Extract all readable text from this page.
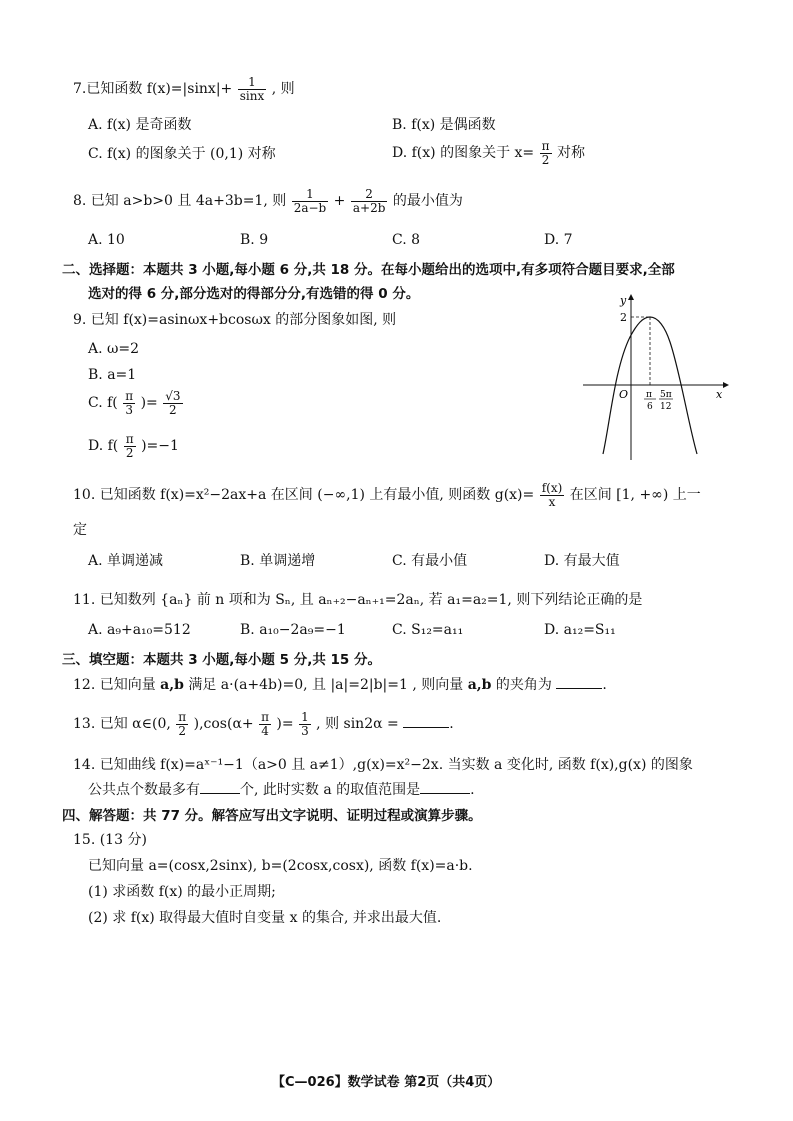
7.已知函数 $f(x)=|\sin x|+ \frac{1}{\sin x}$ , 则
A. f(x) 是奇函数	B. f(x) 是偶函数
C. f(x) 的图象关于 (0,1) 对称	D. f(x) 的图象关于 $x= \frac{\pi}{2}$ 对称
8. 已知 a>b>0 且 4a+3b=1, 则 $\frac{1}{2a-b} + \frac{2}{a+2b}$ 的最小值为
A. 10	B. 9	C. 8	D. 7
二、选择题：本题共 3 小题,每小题 6 分,共 18 分。在每小题给出的选项中,有多项符合题目要求,全部
选对的得 6 分,部分选对的得部分分,有选错的得 0 分。
9. 已知 f(x)=asinωx+bcosωx 的部分图象如图, 则
A. ω=2
B. a=1
C. $f( \frac{\pi}{3}$ )= $\frac{√3}{2}$
D. $f( \frac{\pi}{2} )=-1$
y
x
O
2
π
6
5π
12
10. 已知函数 f(x)=x²−2ax+a 在区间 (−∞,1) 上有最小值, 则函数 $g(x)= \frac{f(x)}{x}$ 在区间 [1, +∞) 上一
定
A. 单调递减	B. 单调递增	C. 有最小值	D. 有最大值
11. 已知数列 {aₙ} 前 n 项和为 Sₙ, 且 aₙ₊₂−aₙ₊₁=2aₙ, 若 a₁=a₂=1, 则下列结论正确的是
A. a₉+a₁₀=512	B. a₁₀−2a₉=−1	C. S₁₂=a₁₁	D. a₁₂=S₁₁
三、填空题：本题共 3 小题,每小题 5 分,共 15 分。
12. 已知向量 a,b 满足 a·(a+4b)=0, 且 |a|=2|b|=1 , 则向量 a,b 的夹角为	.
13. 已知 α∈(0, $\frac{\pi}{2} ),\cos(\alpha+ \frac{\pi}{4}$ )= $\frac{1}{3}$ , 则 sin2α =	.
14. 已知曲线 f(x)=aˣ⁻¹−1（a>0 且 a≠1）,g(x)=x²−2x. 当实数 a 变化时, 函数 f(x),g(x) 的图象
公共点个数最多有	个, 此时实数 a 的取值范围是	.
四、解答题：共 77 分。解答应写出文字说明、证明过程或演算步骤。
15. (13 分)
已知向量 a=(cosx,2sinx), b=(2cosx,cosx), 函数 f(x)=a·b.
(1) 求函数 f(x) 的最小正周期;
(2) 求 f(x) 取得最大值时自变量 x 的集合, 并求出最大值.
【C—026】数学试卷 第2页（共4页）
